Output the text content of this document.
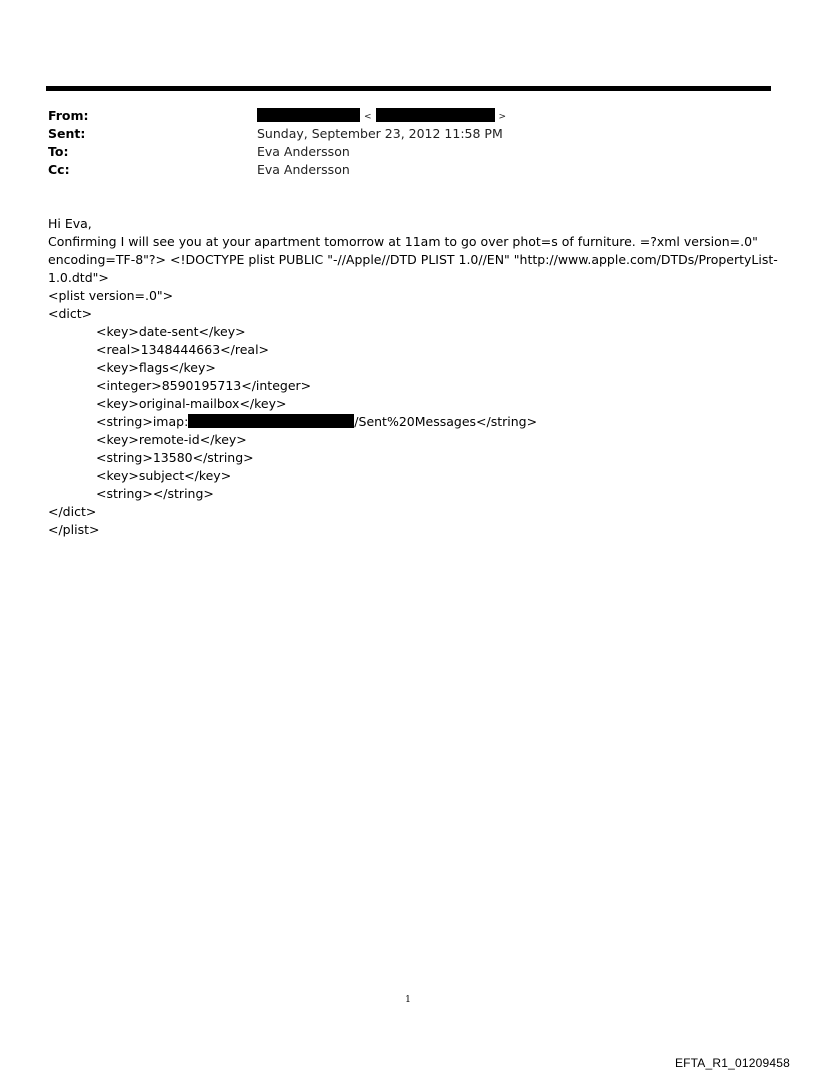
From:	<	>
Sent:	Sunday, September 23, 2012 11:58 PM
To:	Eva Andersson
Cc:	Eva Andersson
Hi Eva,
Confirming I will see you at your apartment tomorrow at 11am to go over phot=s of furniture. =?xml version=.0"
encoding=TF-8"?> <!DOCTYPE plist PUBLIC "-//Apple//DTD PLIST 1.0//EN" "http://www.apple.com/DTDs/PropertyList-
1.0.dtd">
<plist version=.0">
<dict>
<key>date-sent</key>
<real>1348444663</real>
<key>flags</key>
<integer>8590195713</integer>
<key>original-mailbox</key>
<string>imap:	/Sent%20Messages</string>
<key>remote-id</key>
<string>13580</string>
<key>subject</key>
<string></string>
</dict>
</plist>
1
EFTA_R1_01209458
